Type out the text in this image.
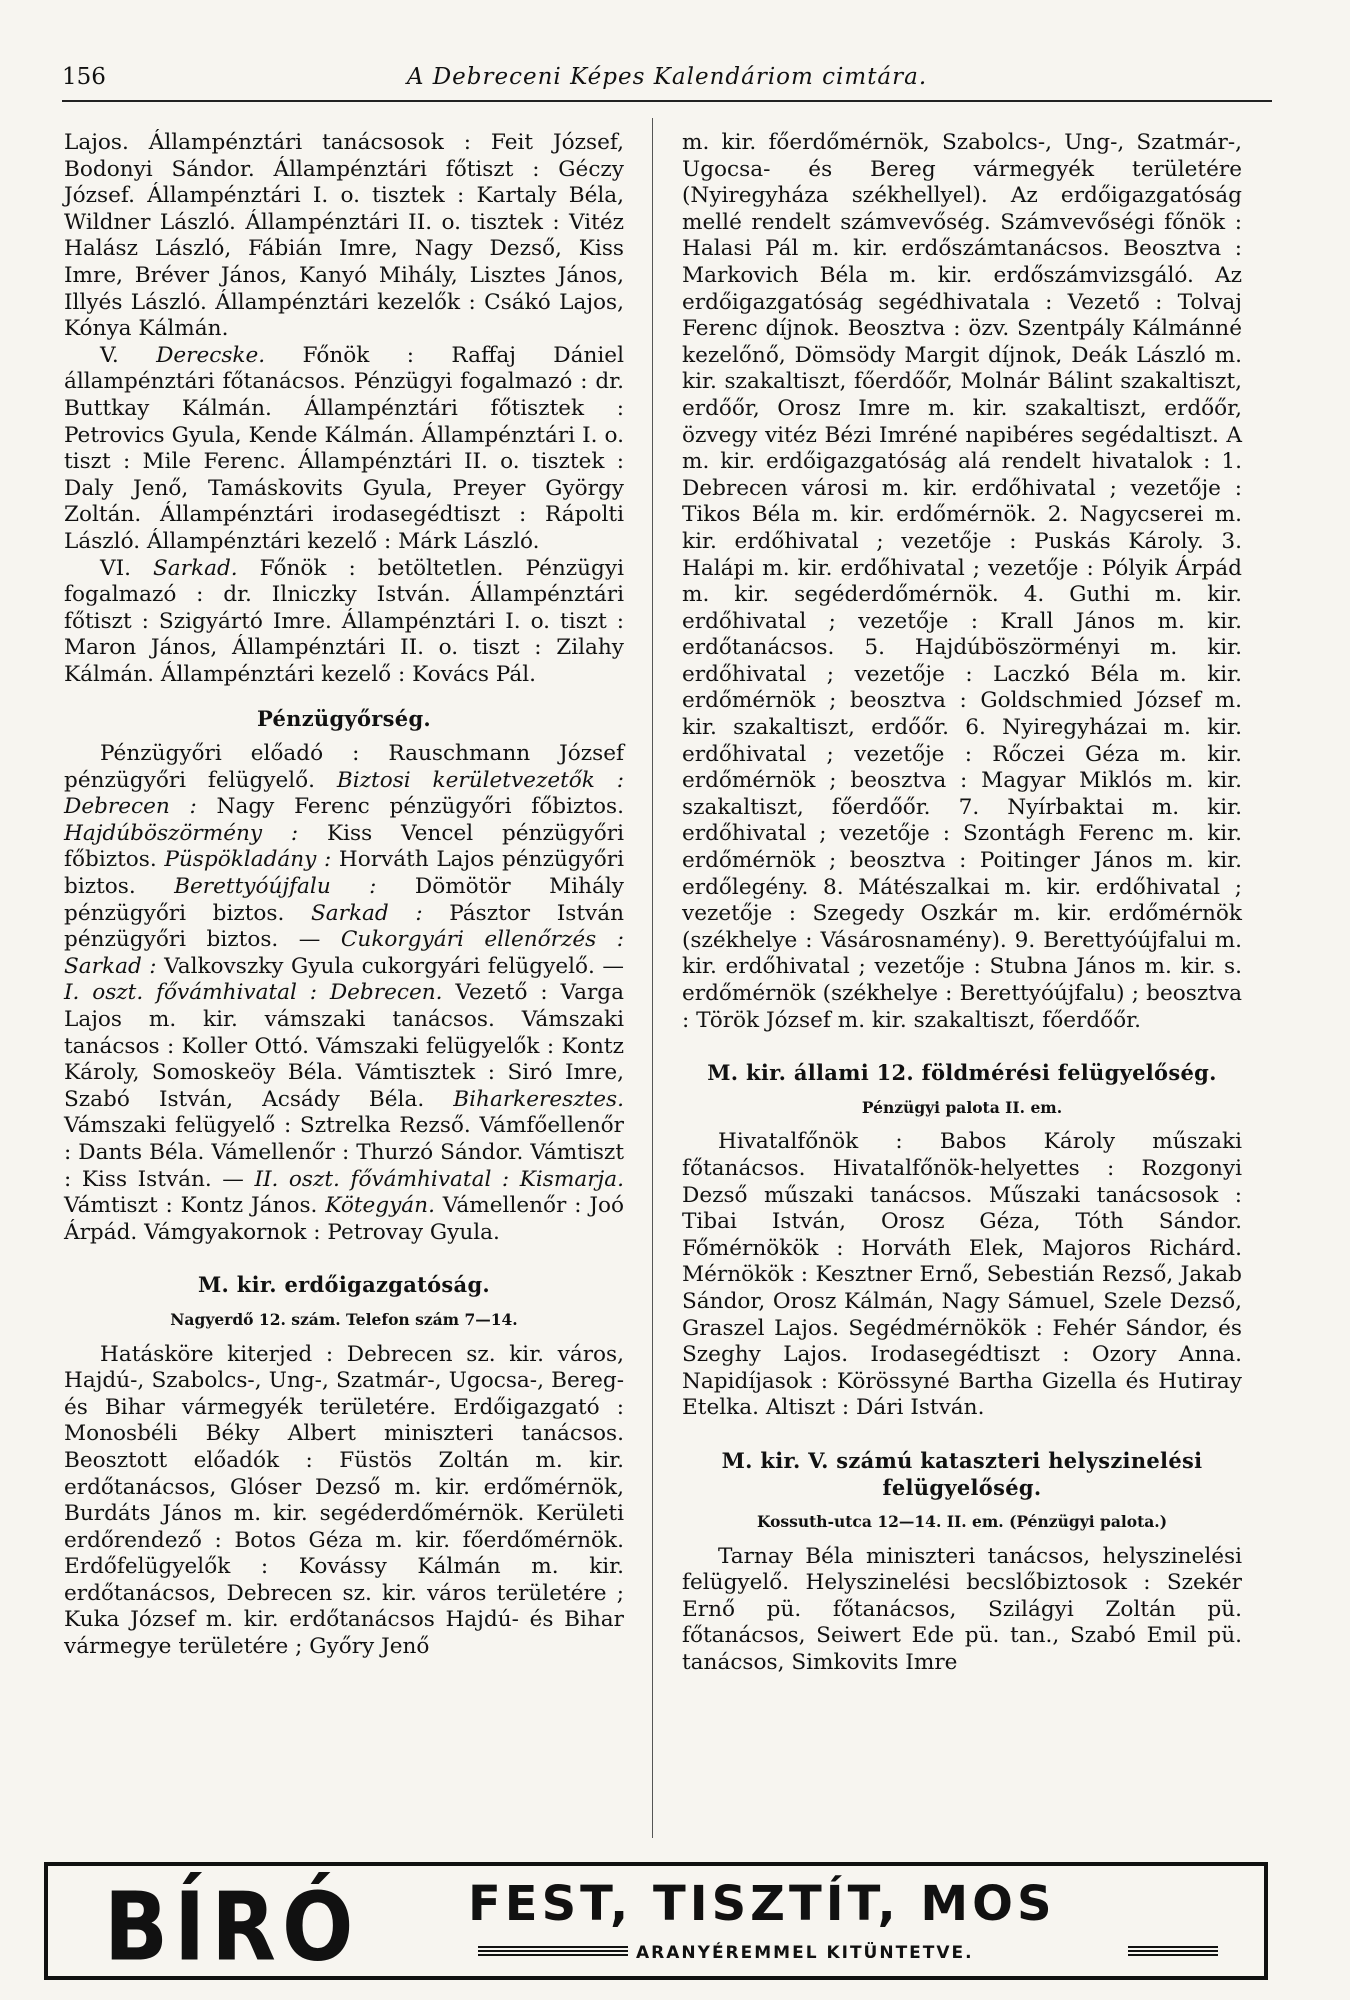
156	A Debreceni Képes Kalendáriom cimtára.

Lajos. Állampénztári tanácsosok : Feit József, Bodonyi Sándor. Állampénztári főtiszt : Géczy József. Állampénztári I. o. tisztek : Kartaly Béla, Wildner László. Állampénztári II. o. tisztek : Vitéz Halász László, Fábián Imre, Nagy Dezső, Kiss Imre, Bréver János, Kanyó Mihály, Lisztes János, Illyés László. Állampénztári kezelők : Csákó Lajos, Kónya Kálmán.

V. Derecske. Főnök : Raffaj Dániel állampénztári főtanácsos. Pénzügyi fogalmazó : dr. Buttkay Kálmán. Állampénztári főtisztek : Petrovics Gyula, Kende Kálmán. Állampénztári I. o. tiszt : Mile Ferenc. Állampénztári II. o. tisztek : Daly Jenő, Tamáskovits Gyula, Preyer György Zoltán. Állampénztári irodasegédtiszt : Rápolti László. Állampénztári kezelő : Márk László.

VI. Sarkad. Főnök : betöltetlen. Pénzügyi fogalmazó : dr. Ilniczky István. Állampénztári főtiszt : Szigyártó Imre. Állampénztári I. o. tiszt : Maron János, Állampénztári II. o. tiszt : Zilahy Kálmán. Állampénztári kezelő : Kovács Pál.

Pénzügyőrség.

Pénzügyőri előadó : Rauschmann József pénzügyőri felügyelő. Biztosi kerületvezetők : Debrecen : Nagy Ferenc pénzügyőri főbiztos. Hajdúböszörmény : Kiss Vencel pénzügyőri főbiztos. Püspökladány : Horváth Lajos pénzügyőri biztos. Berettyóújfalu : Dömötör Mihály pénzügyőri biztos. Sarkad : Pásztor István pénzügyőri biztos. — Cukorgyári ellenőrzés : Sarkad : Valkovszky Gyula cukorgyári felügyelő. — I. oszt. fővámhivatal : Debrecen. Vezető : Varga Lajos m. kir. vámszaki tanácsos. Vámszaki tanácsos : Koller Ottó. Vámszaki felügyelők : Kontz Károly, Somoskeöy Béla. Vámtisztek : Siró Imre, Szabó István, Acsády Béla. Biharkeresztes. Vámszaki felügyelő : Sztrelka Rezső. Vámfőellenőr : Dants Béla. Vámellenőr : Thurzó Sándor. Vámtiszt : Kiss István. — II. oszt. fővámhivatal : Kismarja. Vámtiszt : Kontz János. Kötegyán. Vámellenőr : Joó Árpád. Vámgyakornok : Petrovay Gyula.

M. kir. erdőigazgatóság.
Nagyerdő 12. szám. Telefon szám 7—14.

Hatásköre kiterjed : Debrecen sz. kir. város, Hajdú-, Szabolcs-, Ung-, Szatmár-, Ugocsa-, Bereg- és Bihar vármegyék területére. Erdőigazgató : Monosbéli Béky Albert miniszteri tanácsos. Beosztott előadók : Füstös Zoltán m. kir. erdőtanácsos, Glóser Dezső m. kir. erdőmérnök, Burdáts János m. kir. segéderdőmérnök. Kerületi erdőrendező : Botos Géza m. kir. főerdőmérnök. Erdőfelügyelők : Kovássy Kálmán m. kir. erdőtanácsos, Debrecen sz. kir. város területére ; Kuka József m. kir. erdőtanácsos Hajdú- és Bihar vármegye területére ; Győry Jenő

m. kir. főerdőmérnök, Szabolcs-, Ung-, Szatmár-, Ugocsa- és Bereg vármegyék területére (Nyiregyháza székhellyel). Az erdőigazgatóság mellé rendelt számvevőség. Számvevőségi főnök : Halasi Pál m. kir. erdőszámtanácsos. Beosztva : Markovich Béla m. kir. erdőszámvizsgáló. Az erdőigazgatóság segédhivatala : Vezető : Tolvaj Ferenc díjnok. Beosztva : özv. Szentpály Kálmánné kezelőnő, Dömsödy Margit díjnok, Deák László m. kir. szakaltiszt, főerdőőr, Molnár Bálint szakaltiszt, erdőőr, Orosz Imre m. kir. szakaltiszt, erdőőr, özvegy vitéz Bézi Imréné napibéres segédaltiszt. A m. kir. erdőigazgatóság alá rendelt hivatalok : 1. Debrecen városi m. kir. erdőhivatal ; vezetője : Tikos Béla m. kir. erdőmérnök. 2. Nagycserei m. kir. erdőhivatal ; vezetője : Puskás Károly. 3. Halápi m. kir. erdőhivatal ; vezetője : Pólyik Árpád m. kir. segéderdőmérnök. 4. Guthi m. kir. erdőhivatal ; vezetője : Krall János m. kir. erdőtanácsos. 5. Hajdúböszörményi m. kir. erdőhivatal ; vezetője : Laczkó Béla m. kir. erdőmérnök ; beosztva : Goldschmied József m. kir. szakaltiszt, erdőőr. 6. Nyiregyházai m. kir. erdőhivatal ; vezetője : Rőczei Géza m. kir. erdőmérnök ; beosztva : Magyar Miklós m. kir. szakaltiszt, főerdőőr. 7. Nyírbaktai m. kir. erdőhivatal ; vezetője : Szontágh Ferenc m. kir. erdőmérnök ; beosztva : Poitinger János m. kir. erdőlegény. 8. Mátészalkai m. kir. erdőhivatal ; vezetője : Szegedy Oszkár m. kir. erdőmérnök (székhelye : Vásárosnamény). 9. Berettyóújfalui m. kir. erdőhivatal ; vezetője : Stubna János m. kir. s. erdőmérnök (székhelye : Berettyóújfalu) ; beosztva : Török József m. kir. szakaltiszt, főerdőőr.

M. kir. állami 12. földmérési felügyelőség.
Pénzügyi palota II. em.

Hivatalfőnök : Babos Károly műszaki főtanácsos. Hivatalfőnök-helyettes : Rozgonyi Dezső műszaki tanácsos. Műszaki tanácsosok : Tibai István, Orosz Géza, Tóth Sándor. Főmérnökök : Horváth Elek, Majoros Richárd. Mérnökök : Kesztner Ernő, Sebestián Rezső, Jakab Sándor, Orosz Kálmán, Nagy Sámuel, Szele Dezső, Graszel Lajos. Segédmérnökök : Fehér Sándor, és Szeghy Lajos. Irodasegédtiszt : Ozory Anna. Napidíjasok : Körössyné Bartha Gizella és Hutiray Etelka. Altiszt : Dári István.

M. kir. V. számú kataszteri helyszinelési felügyelőség.
Kossuth-utca 12—14. II. em. (Pénzügyi palota.)

Tarnay Béla miniszteri tanácsos, helyszinelési felügyelő. Helyszinelési becslőbiztosok : Szekér Ernő pü. főtanácsos, Szilágyi Zoltán pü. főtanácsos, Seiwert Ede pü. tan., Szabó Emil pü. tanácsos, Simkovits Imre

BÍRÓ FEST, TISZTÍT, MOS
ARANYÉREMMEL KITÜNTETVE.
